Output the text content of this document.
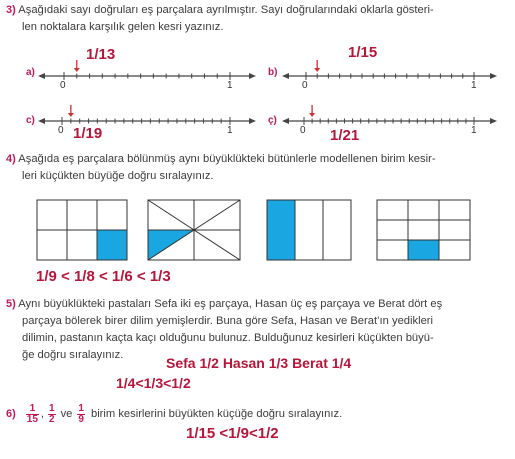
3) Aşağıdaki sayı doğruları eş parçalara ayrılmıştır. Sayı doğrularındaki oklarla gösteri-
len noktalara karşılık gelen kesri yazınız.
1/13	1/15
1/19	1/21
a)	b)
c)	ç)
0	1	0	1
0	1	0	1
4) Aşağıda eş parçalara bölünmüş aynı büyüklükteki bütünlerle modellenen birim kesir-
leri küçükten büyüğe doğru sıralayınız.
1/9 < 1/8 < 1/6 < 1/3
5) Aynı büyüklükteki pastaları Sefa iki eş parçaya, Hasan üç eş parçaya ve Berat dört eş
parçaya bölerek birer dilim yemişlerdir. Buna göre Sefa, Hasan ve Berat’ın yedikleri
dilimin, pastanın kaçta kaçı olduğunu bulunuz. Bulduğunuz kesirleri küçükten büyü-
ğe doğru sıralayınız.	Sefa 1/2 Hasan 1/3 Berat 1/4
1/4<1/3<1/2
$6) \frac{1}{15}$ , $\frac{1}{2}$ ve $\frac{1}{9}$ birim kesirlerini büyükten küçüğe doğru sıralayınız.
1/15 <1/9<1/2
